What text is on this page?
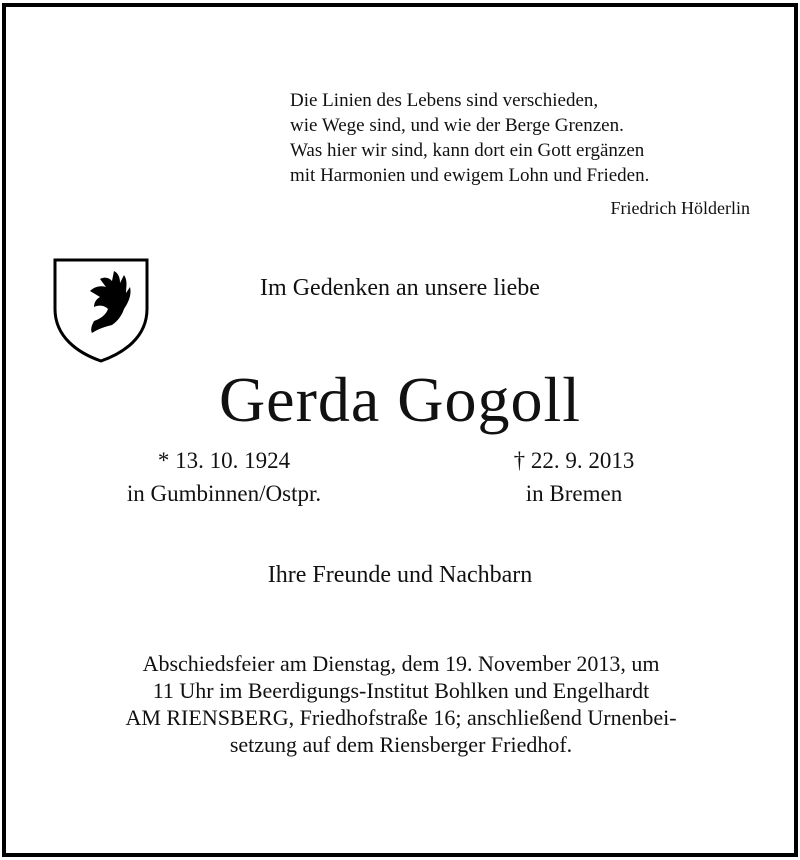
Die Linien des Lebens sind verschieden,
wie Wege sind, und wie der Berge Grenzen.
Was hier wir sind, kann dort ein Gott ergänzen
mit Harmonien und ewigem Lohn und Frieden.
Friedrich Hölderlin
Im Gedenken an unsere liebe
Gerda Gogoll
* 13. 10. 1924
in Gumbinnen/Ostpr.
† 22. 9. 2013
in Bremen
Ihre Freunde und Nachbarn
Abschiedsfeier am Dienstag, dem 19. November 2013, um
11 Uhr im Beerdigungs-Institut Bohlken und Engelhardt
AM RIENSBERG, Friedhofstraße 16; anschließend Urnenbei-
setzung auf dem Riensberger Friedhof.
